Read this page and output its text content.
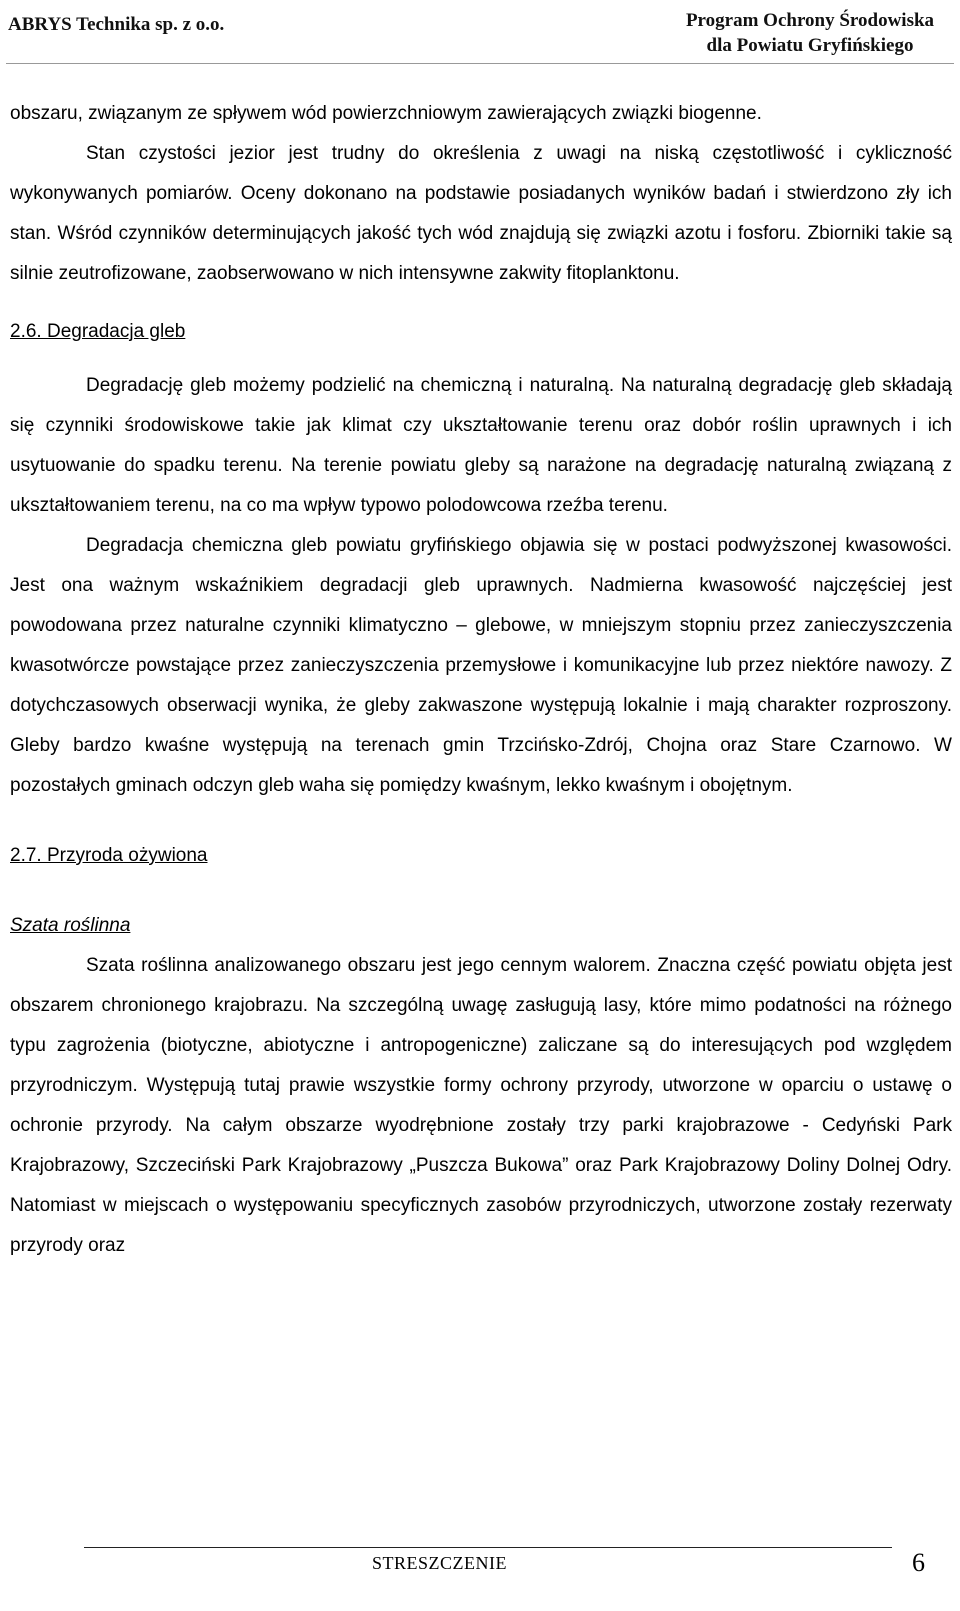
ABRYS Technika sp. z o.o.	Program Ochrony Środowiska
dla Powiatu Gryfińskiego

obszaru, związanym ze spływem wód powierzchniowym zawierających związki biogenne.

Stan czystości jezior jest trudny do określenia z uwagi na niską częstotliwość i cykliczność wykonywanych pomiarów. Oceny dokonano na podstawie posiadanych wyników badań i stwierdzono zły ich stan. Wśród czynników determinujących jakość tych wód znajdują się związki azotu i fosforu. Zbiorniki takie są silnie zeutrofizowane, zaobserwowano w nich intensywne zakwity fitoplanktonu.

2.6. Degradacja gleb

Degradację gleb możemy podzielić na chemiczną i naturalną. Na naturalną degradację gleb składają się czynniki środowiskowe takie jak klimat czy ukształtowanie terenu oraz dobór roślin uprawnych i ich usytuowanie do spadku terenu. Na terenie powiatu gleby są narażone na degradację naturalną związaną z ukształtowaniem terenu, na co ma wpływ typowo polodowcowa rzeźba terenu.

Degradacja chemiczna gleb powiatu gryfińskiego objawia się w postaci podwyższonej kwasowości. Jest ona ważnym wskaźnikiem degradacji gleb uprawnych. Nadmierna kwasowość najczęściej jest powodowana przez naturalne czynniki klimatyczno – glebowe, w mniejszym stopniu przez zanieczyszczenia kwasotwórcze powstające przez zanieczyszczenia przemysłowe i komunikacyjne lub przez niektóre nawozy. Z dotychczasowych obserwacji wynika, że gleby zakwaszone występują lokalnie i mają charakter rozproszony. Gleby bardzo kwaśne występują na terenach gmin Trzcińsko-Zdrój, Chojna oraz Stare Czarnowo. W pozostałych gminach odczyn gleb waha się pomiędzy kwaśnym, lekko kwaśnym i obojętnym.

2.7. Przyroda ożywiona

Szata roślinna

Szata roślinna analizowanego obszaru jest jego cennym walorem. Znaczna część powiatu objęta jest obszarem chronionego krajobrazu. Na szczególną uwagę zasługują lasy, które mimo podatności na różnego typu zagrożenia (biotyczne, abiotyczne i antropogeniczne) zaliczane są do interesujących pod względem przyrodniczym. Występują tutaj prawie wszystkie formy ochrony przyrody, utworzone w oparciu o ustawę o ochronie przyrody. Na całym obszarze wyodrębnione zostały trzy parki krajobrazowe - Cedyński Park Krajobrazowy, Szczeciński Park Krajobrazowy „Puszcza Bukowa” oraz Park Krajobrazowy Doliny Dolnej Odry. Natomiast w miejscach o występowaniu specyficznych zasobów przyrodniczych, utworzone zostały rezerwaty przyrody oraz

STRESZCZENIE	6
